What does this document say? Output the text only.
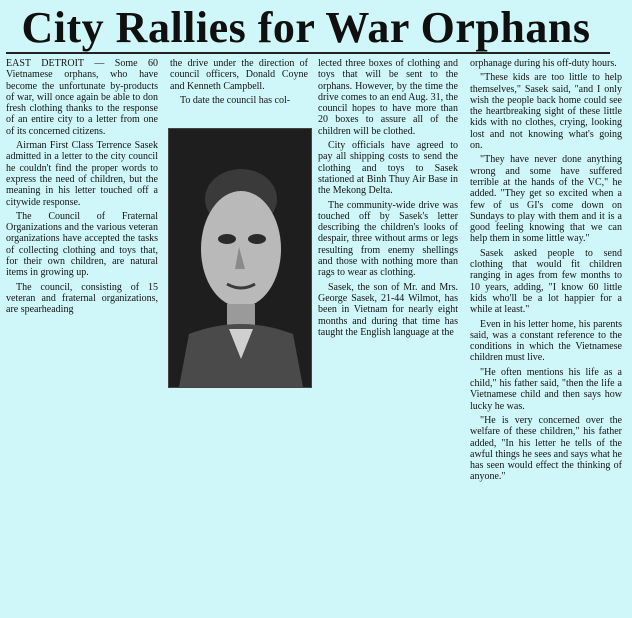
City Rallies for War Orphans

EAST DETROIT — Some 60 Vietnamese orphans, who have become the unfortunate by-products of war, will once again be able to don fresh clothing thanks to the response of an entire city to a letter from one of its concerned citizens.

Airman First Class Terrence Sasek admitted in a letter to the city council he couldn't find the proper words to express the need of children, but the meaning in his letter touched off a citywide response.

The Council of Fraternal Organizations and the various veteran organizations have accepted the tasks of collecting clothing and toys that, for their own children, are natural items in growing up.

The council, consisting of 15 veteran and fraternal organizations, are spearheading

the drive under the direction of council officers, Donald Coyne and Kenneth Campbell.

To date the council has col-

lected three boxes of clothing and toys that will be sent to the orphans. However, by the time the drive comes to an end Aug. 31, the council hopes to have more than 20 boxes to assure all of the children will be clothed.

City officials have agreed to pay all shipping costs to send the clothing and toys to Sasek stationed at Binh Thuy Air Base in the Mekong Delta.

The community-wide drive was touched off by Sasek's letter describing the children's looks of despair, three without arms or legs resulting from enemy shellings and those with nothing more than rags to wear as clothing.

Sasek, the son of Mr. and Mrs. George Sasek, 21-44 Wilmot, has been in Vietnam for nearly eight months and during that time has taught the English language at the

orphanage during his off-duty hours.

"These kids are too little to help themselves," Sasek said, "and I only wish the people back home could see the heartbreaking sight of these little kids with no clothes, crying, looking lost and not knowing what's going on.

"They have never done anything wrong and some have suffered terrible at the hands of the VC," he added. "They get so excited when a few of us GI's come down on Sundays to play with them and it is a good feeling knowing that we can help them in some little way."

Sasek asked people to send clothing that would fit children ranging in ages from few months to 10 years, adding, "I know 60 little kids who'll be a lot happier for a while at least."

Even in his letter home, his parents said, was a constant reference to the conditions in which the Vietnamese children must live.

"He often mentions his life as a child," his father said, "then the life a Vietnamese child and then says how lucky he was.

"He is very concerned over the welfare of these children," his father added, "In his letter he tells of the awful things he sees and says what he has seen would effect the thinking of anyone."
